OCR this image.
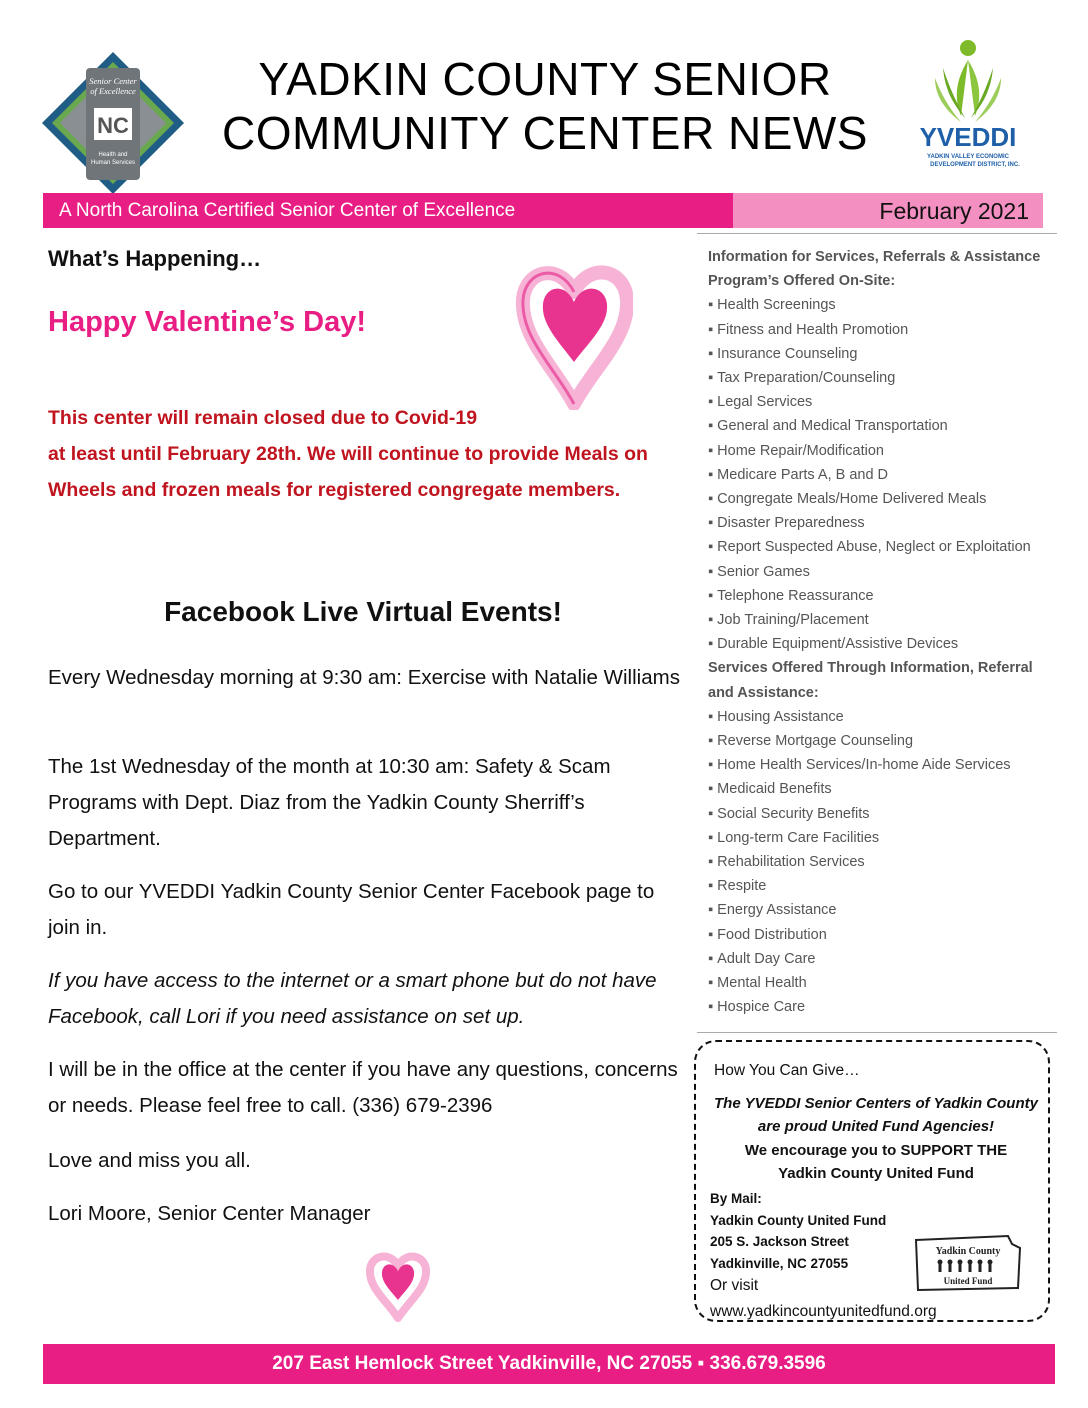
Senior Center
of Excellence
NC
Health and
Human Services
YADKIN COUNTY SENIOR
COMMUNITY CENTER NEWS	YVEDDI
YADKIN VALLEY ECONOMIC
DEVELOPMENT DISTRICT, INC.
A North Carolina Certified Senior Center of Excellence	February 2021
What’s Happening…
Happy Valentine’s Day!
This center will remain closed due to Covid-19
at least until February 28th. We will continue to provide Meals on Wheels and frozen meals for registered congregate members.
Facebook Live Virtual Events!
Every Wednesday morning at 9:30 am: Exercise with Natalie Williams
The 1st Wednesday of the month at 10:30 am: Safety & Scam Programs with Dept. Diaz from the Yadkin County Sherriff’s Department.
Go to our YVEDDI Yadkin County Senior Center Facebook page to join in.
If you have access to the internet or a smart phone but do not have Facebook, call Lori if you need assistance on set up.
I will be in the office at the center if you have any questions, concerns or needs. Please feel free to call. (336) 679-2396
Love and miss you all.
Lori Moore, Senior Center Manager
Information for Services, Referrals & Assistance
Program’s Offered On-Site:
▪ Health Screenings
▪ Fitness and Health Promotion
▪ Insurance Counseling
▪ Tax Preparation/Counseling
▪ Legal Services
▪ General and Medical Transportation
▪ Home Repair/Modification
▪ Medicare Parts A, B and D
▪ Congregate Meals/Home Delivered Meals
▪ Disaster Preparedness
▪ Report Suspected Abuse, Neglect or Exploitation
▪ Senior Games
▪ Telephone Reassurance
▪ Job Training/Placement
▪ Durable Equipment/Assistive Devices
Services Offered Through Information, Referral and Assistance:
▪ Housing Assistance
▪ Reverse Mortgage Counseling
▪ Home Health Services/In-home Aide Services
▪ Medicaid Benefits
▪ Social Security Benefits
▪ Long-term Care Facilities
▪ Rehabilitation Services
▪ Respite
▪ Energy Assistance
▪ Food Distribution
▪ Adult Day Care
▪ Mental Health
▪ Hospice Care
How You Can Give…
The YVEDDI Senior Centers of Yadkin County
are proud United Fund Agencies!
We encourage you to SUPPORT THE
Yadkin County United Fund
By Mail:
Yadkin County United Fund
205 S. Jackson Street
Yadkinville, NC 27055
Or visit
www.yadkincountyunitedfund.org
Yadkin County
United Fund
207 East Hemlock Street Yadkinville, NC 27055 ▪ 336.679.3596
